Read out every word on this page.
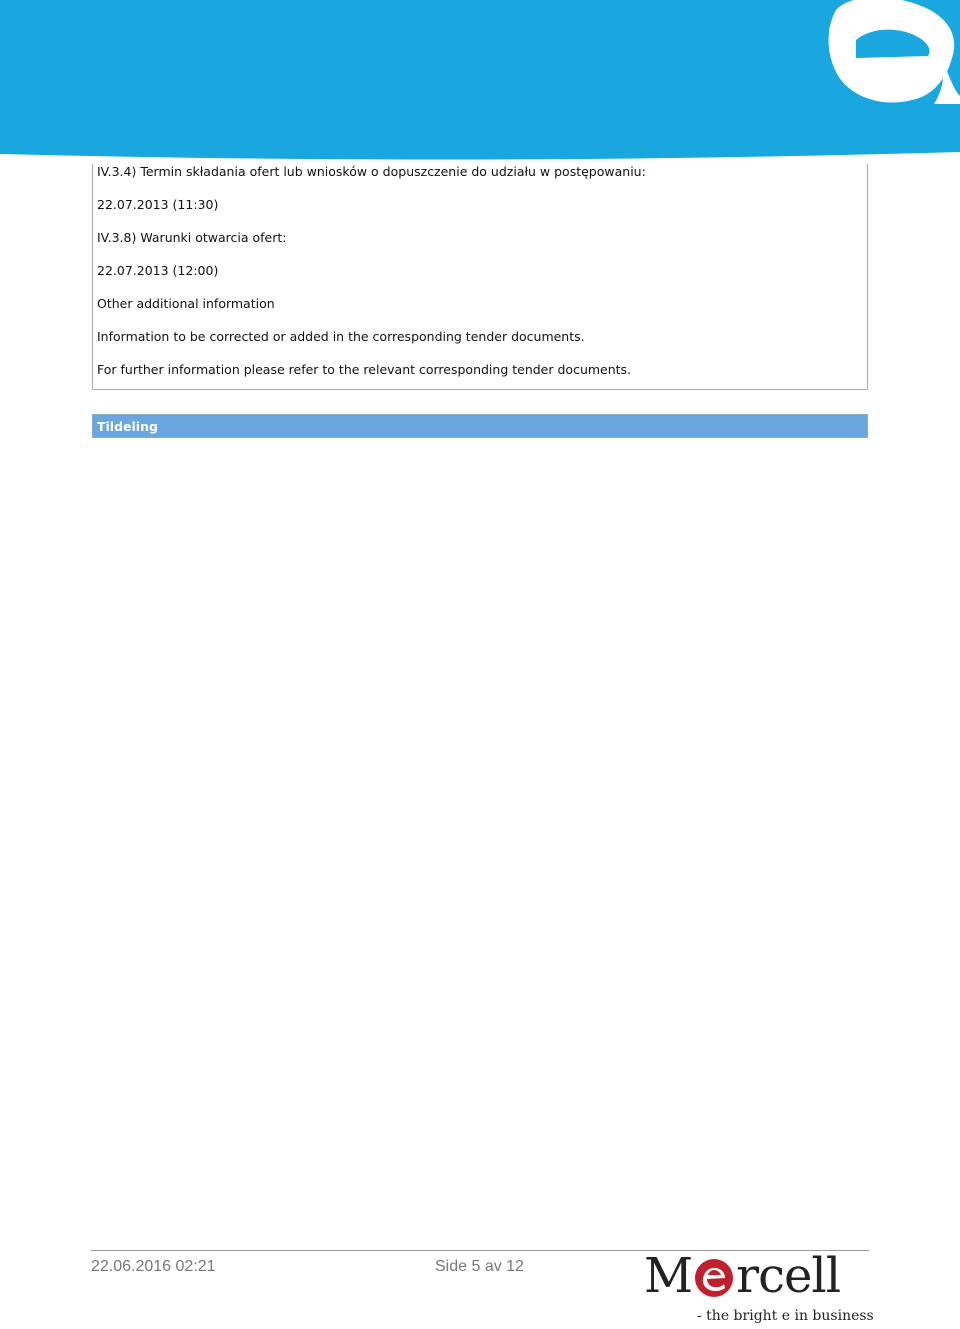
IV.3.4) Termin składania ofert lub wniosków o dopuszczenie do udziału w postępowaniu:
22.07.2013 (11:30)
IV.3.8) Warunki otwarcia ofert:
22.07.2013 (12:00)
Other additional information
Information to be corrected or added in the corresponding tender documents.
For further information please refer to the relevant corresponding tender documents.
Tildeling
22.06.2016 02:21	Side 5 av 12	M rcell
- the bright e in business
